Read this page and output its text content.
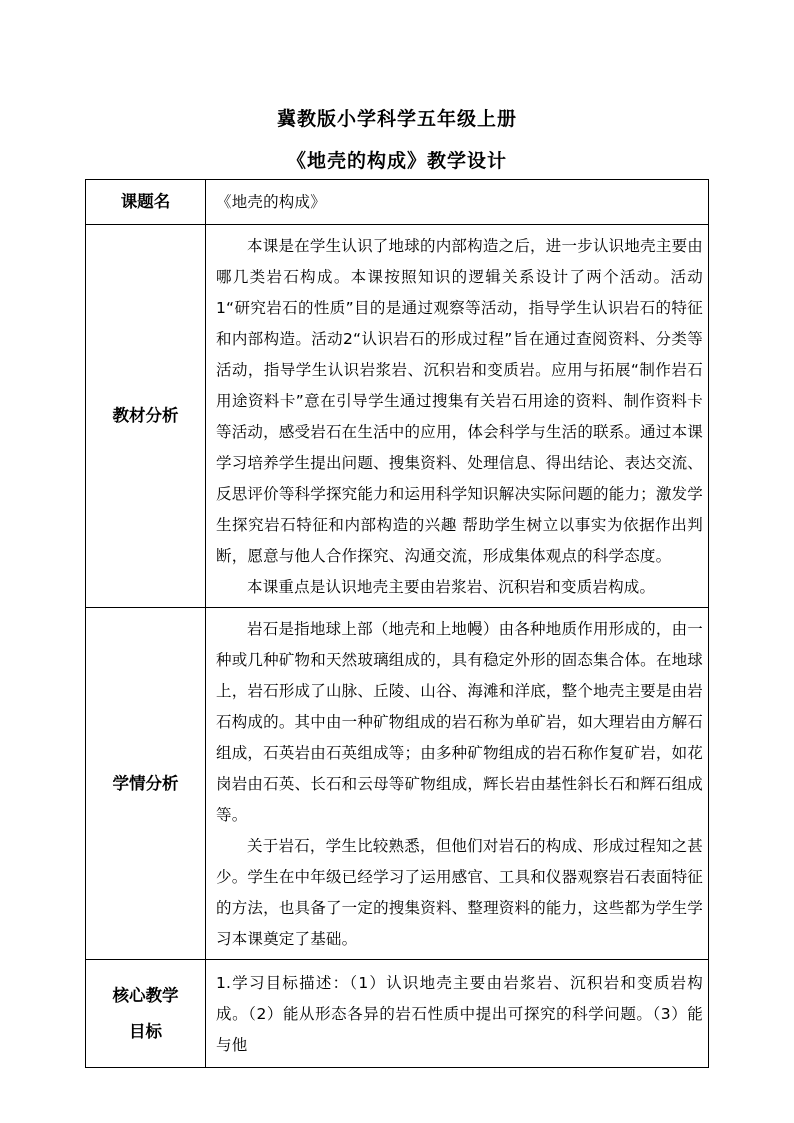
冀教版小学科学五年级上册
《地壳的构成》教学设计
课题名	《地壳的构成》

教材分析	本课是在学生认识了地球的内部构造之后，进一步认识地壳主要由哪几类岩石构成。本课按照知识的逻辑关系设计了两个活动。活动1“研究岩石的性质”目的是通过观察等活动，指导学生认识岩石的特征和内部构造。活动2“认识岩石的形成过程”旨在通过查阅资料、分类等活动，指导学生认识岩浆岩、沉积岩和变质岩。应用与拓展“制作岩石用途资料卡”意在引导学生通过搜集有关岩石用途的资料、制作资料卡等活动，感受岩石在生活中的应用，体会科学与生活的联系。通过本课学习培养学生提出问题、搜集资料、处理信息、得出结论、表达交流、反思评价等科学探究能力和运用科学知识解决实际问题的能力；激发学生探究岩石特征和内部构造的兴趣 帮助学生树立以事实为依据作出判断，愿意与他人合作探究、沟通交流，形成集体观点的科学态度。

本课重点是认识地壳主要由岩浆岩、沉积岩和变质岩构成。

学情分析	岩石是指地球上部（地壳和上地幔）由各种地质作用形成的，由一种或几种矿物和天然玻璃组成的，具有稳定外形的固态集合体。在地球上，岩石形成了山脉、丘陵、山谷、海滩和洋底，整个地壳主要是由岩石构成的。其中由一种矿物组成的岩石称为单矿岩，如大理岩由方解石组成，石英岩由石英组成等；由多种矿物组成的岩石称作复矿岩，如花岗岩由石英、长石和云母等矿物组成，辉长岩由基性斜长石和辉石组成等。

关于岩石，学生比较熟悉，但他们对岩石的构成、形成过程知之甚少。学生在中年级已经学习了运用感官、工具和仪器观察岩石表面特征的方法，也具备了一定的搜集资料、整理资料的能力，这些都为学生学习本课奠定了基础。

核心教学
目标	1.学习目标描述：（1）认识地壳主要由岩浆岩、沉积岩和变质岩构成。（2）能从形态各异的岩石性质中提出可探究的科学问题。（3）能与他
